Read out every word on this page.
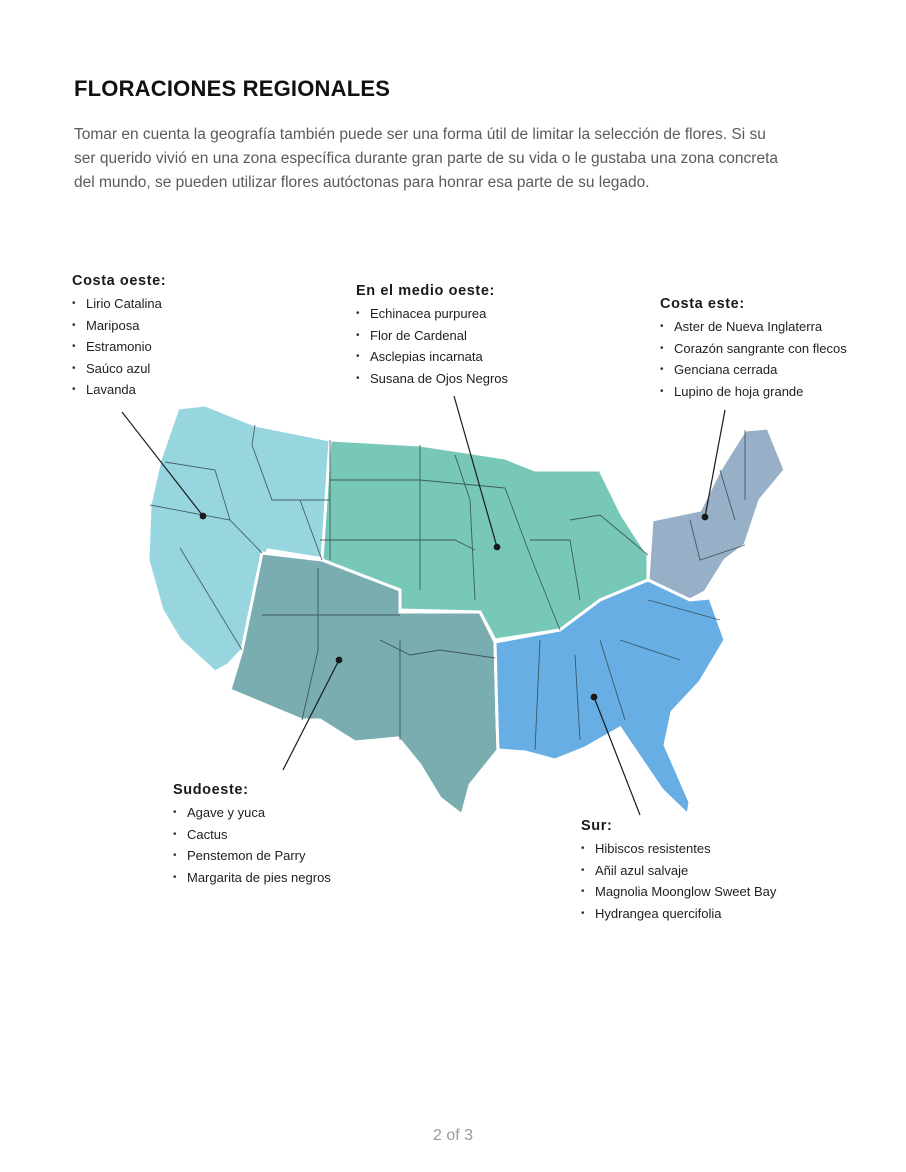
FLORACIONES REGIONALES
Tomar en cuenta la geografía también puede ser una forma útil de limitar la selección de flores. Si su
ser querido vivió en una zona específica durante gran parte de su vida o le gustaba una zona concreta
del mundo, se pueden utilizar flores autóctonas para honrar esa parte de su legado.
Costa oeste:
• Lirio Catalina
• Mariposa
• Estramonio
• Saúco azul
• Lavanda
En el medio oeste:
• Echinacea purpurea
• Flor de Cardenal
• Asclepias incarnata
• Susana de Ojos Negros
Costa este:
• Aster de Nueva Inglaterra
• Corazón sangrante con flecos
• Genciana cerrada
• Lupino de hoja grande
Sudoeste:
• Agave y yuca
• Cactus
• Penstemon de Parry
• Margarita de pies negros
Sur:
• Hibiscos resistentes
• Añil azul salvaje
• Magnolia Moonglow Sweet Bay
• Hydrangea quercifolia
2 of 3
